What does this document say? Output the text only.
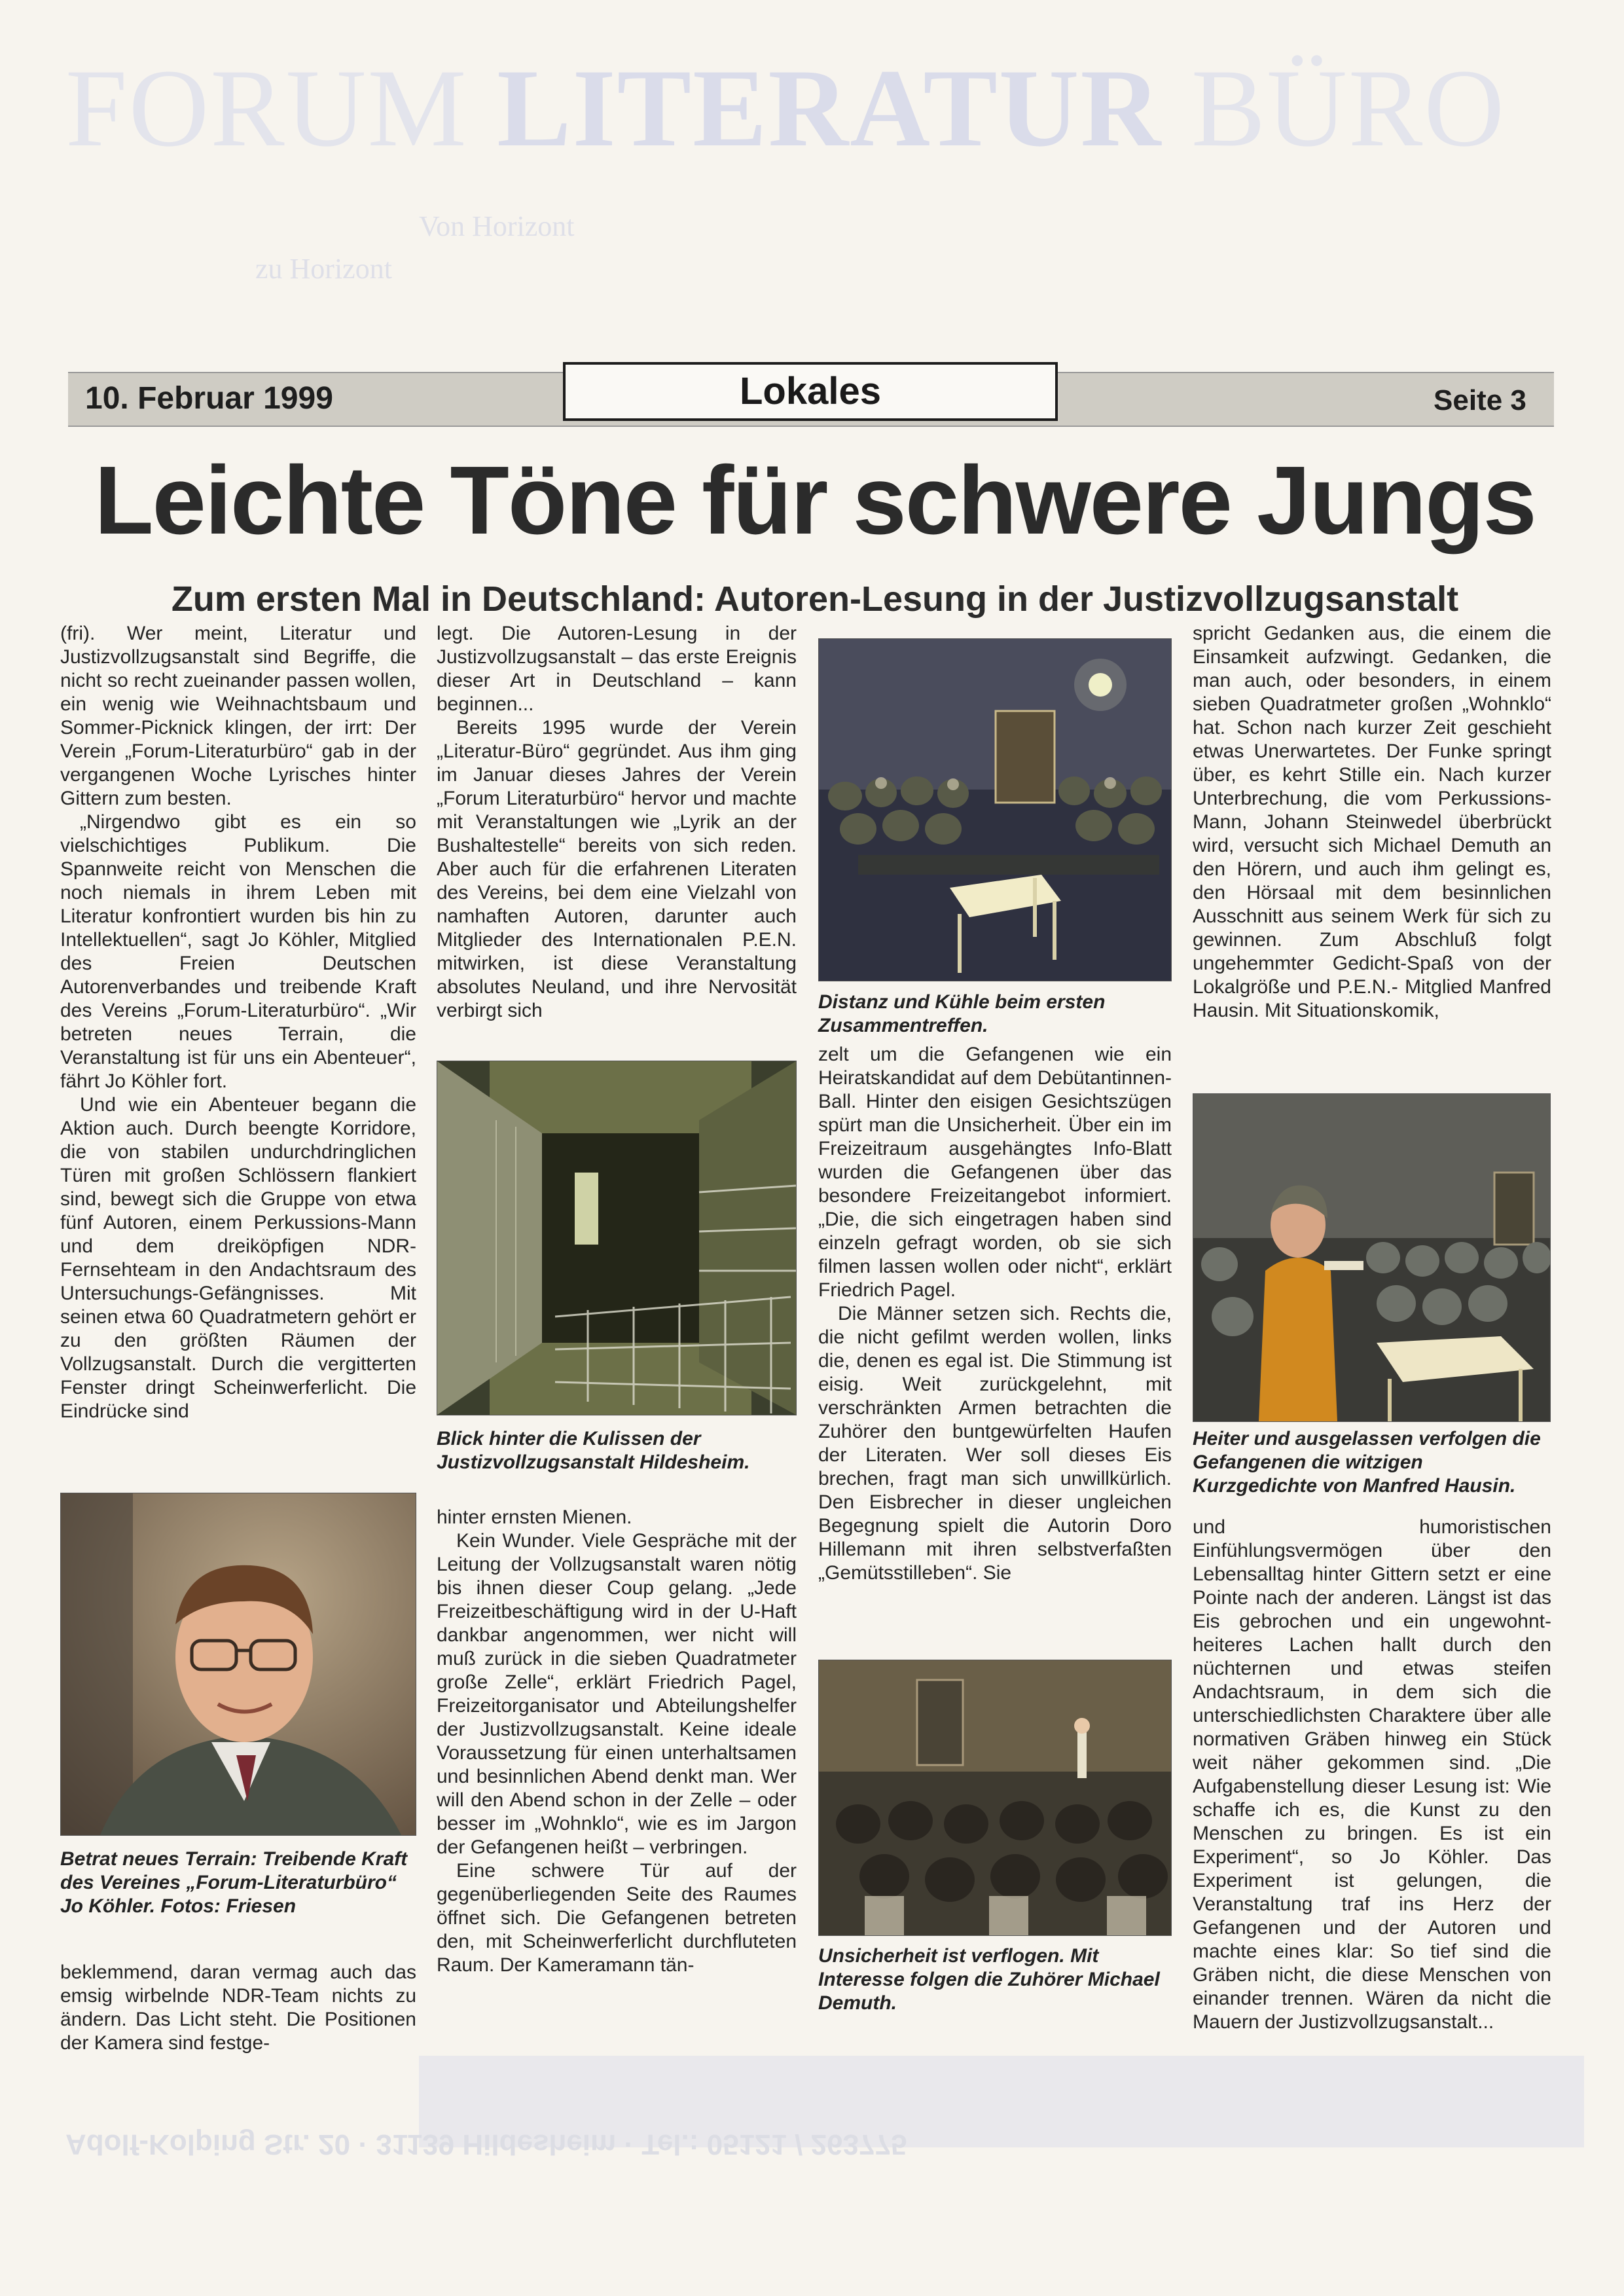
FORUM LITERATUR BÜRO
Von Horizont
zu Horizont
Adolf-Kolping Str. 20 · 31139 Hildesheim · Tel.: 05121 / 263775
10. Februar 1999	Lokales	Seite 3
Leichte Töne für schwere Jungs
Zum ersten Mal in Deutschland: Autoren-Lesung in der Justizvollzugsanstalt

(fri). Wer meint, Literatur und Justizvollzugsanstalt sind Begriffe, die nicht so recht zueinander passen wollen, ein wenig wie Weihnachtsbaum und Sommer-Picknick klingen, der irrt: Der Verein „Forum-Literaturbüro“ gab in der vergangenen Woche Lyrisches hinter Gittern zum besten.

„Nirgendwo gibt es ein so vielschichtiges Publikum. Die Spannweite reicht von Menschen die noch niemals in ihrem Leben mit Literatur konfrontiert wurden bis hin zu Intellektuellen“, sagt Jo Köhler, Mitglied des Freien Deutschen Autorenverbandes und treibende Kraft des Vereins „Forum-Literaturbüro“. „Wir betreten neues Terrain, die Veranstaltung ist für uns ein Abenteuer“, fährt Jo Köhler fort.

Und wie ein Abenteuer begann die Aktion auch. Durch beengte Korridore, die von stabilen undurchdringlichen Türen mit großen Schlössern flankiert sind, bewegt sich die Gruppe von etwa fünf Autoren, einem Perkussions-Mann und dem dreiköpfigen NDR-Fernsehteam in den Andachtsraum des Untersuchungs-Gefängnisses. Mit seinen etwa 60 Quadratmetern gehört er zu den größten Räumen der Vollzugsanstalt. Durch die vergitterten Fenster dringt Scheinwerferlicht. Die Eindrücke sind

Betrat neues Terrain: Treibende Kraft des Vereines „Forum-Literaturbüro“ Jo Köhler. Fotos: Friesen

beklemmend, daran vermag auch das emsig wirbelnde NDR-Team nichts zu ändern. Das Licht steht. Die Positionen der Kamera sind festge-

legt. Die Autoren-Lesung in der Justizvollzugsanstalt – das erste Ereignis dieser Art in Deutschland – kann beginnen...

Bereits 1995 wurde der Verein „Literatur-Büro“ gegründet. Aus ihm ging im Januar dieses Jahres der Verein „Forum Literaturbüro“ hervor und machte mit Veranstaltungen wie „Lyrik an der Bushaltestelle“ bereits von sich reden. Aber auch für die erfahrenen Literaten des Vereins, bei dem eine Vielzahl von namhaften Autoren, darunter auch Mitglieder des Internationalen P.E.N. mitwirken, ist diese Veranstaltung absolutes Neuland, und ihre Nervosität verbirgt sich

Blick hinter die Kulissen der Justizvollzugsanstalt Hildesheim.

hinter ernsten Mienen.

Kein Wunder. Viele Gespräche mit der Leitung der Vollzugsanstalt waren nötig bis ihnen dieser Coup gelang. „Jede Freizeitbeschäftigung wird in der U-Haft dankbar angenommen, wer nicht will muß zurück in die sieben Quadratmeter große Zelle“, erklärt Friedrich Pagel, Freizeitorganisator und Abteilungshelfer der Justizvollzugsanstalt. Keine ideale Voraussetzung für einen unterhaltsamen und besinnlichen Abend denkt man. Wer will den Abend schon in der Zelle – oder besser im „Wohnklo“, wie es im Jargon der Gefangenen heißt – verbringen.

Eine schwere Tür auf der gegenüberliegenden Seite des Raumes öffnet sich. Die Gefangenen betreten den, mit Scheinwerferlicht durchfluteten Raum. Der Kameramann tän-

Distanz und Kühle beim ersten Zusammentreffen.

zelt um die Gefangenen wie ein Heiratskandidat auf dem Debütantinnen-Ball. Hinter den eisigen Gesichtszügen spürt man die Unsicherheit. Über ein im Freizeitraum ausgehängtes Info-Blatt wurden die Gefangenen über das besondere Freizeitangebot informiert. „Die, die sich eingetragen haben sind einzeln gefragt worden, ob sie sich filmen lassen wollen oder nicht“, erklärt Friedrich Pagel.

Die Männer setzen sich. Rechts die, die nicht gefilmt werden wollen, links die, denen es egal ist. Die Stimmung ist eisig. Weit zurückgelehnt, mit verschränkten Armen betrachten die Zuhörer den buntgewürfelten Haufen der Literaten. Wer soll dieses Eis brechen, fragt man sich unwillkürlich. Den Eisbrecher in dieser ungleichen Begegnung spielt die Autorin Doro Hillemann mit ihren selbstverfaßten „Gemütsstilleben“. Sie

Unsicherheit ist verflogen. Mit Interesse folgen die Zuhörer Michael Demuth.

spricht Gedanken aus, die einem die Einsamkeit aufzwingt. Gedanken, die man auch, oder besonders, in einem sieben Quadratmeter großen „Wohnklo“ hat. Schon nach kurzer Zeit geschieht etwas Unerwartetes. Der Funke springt über, es kehrt Stille ein. Nach kurzer Unterbrechung, die vom Perkussions-Mann, Johann Steinwedel überbrückt wird, versucht sich Michael Demuth an den Hörern, und auch ihm gelingt es, den Hörsaal mit dem besinnlichen Ausschnitt aus seinem Werk für sich zu gewinnen. Zum Abschluß folgt ungehemmter Gedicht-Spaß von der Lokalgröße und P.E.N.- Mitglied Manfred Hausin. Mit Situationskomik,

Heiter und ausgelassen verfolgen die Gefangenen die witzigen Kurzgedichte von Manfred Hausin.

und humoristischen Einfühlungsvermögen über den Lebensalltag hinter Gittern setzt er eine Pointe nach der anderen. Längst ist das Eis gebrochen und ein ungewohnt-heiteres Lachen hallt durch den nüchternen und etwas steifen Andachtsraum, in dem sich die unterschiedlichsten Charaktere über alle normativen Gräben hinweg ein Stück weit näher gekommen sind. „Die Aufgabenstellung dieser Lesung ist: Wie schaffe ich es, die Kunst zu den Menschen zu bringen. Es ist ein Experiment“, so Jo Köhler. Das Experiment ist gelungen, die Veranstaltung traf ins Herz der Gefangenen und der Autoren und machte eines klar: So tief sind die Gräben nicht, die diese Menschen von einander trennen. Wären da nicht die Mauern der Justizvollzugsanstalt...
